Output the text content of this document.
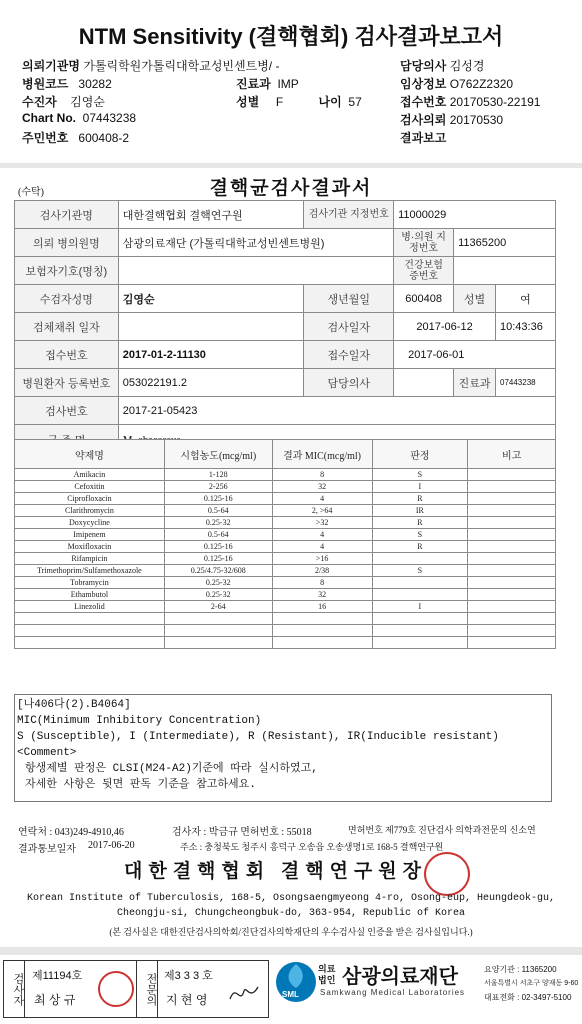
NTM Sensitivity (결핵협회) 검사결과보고서
의뢰기관명 가톨릭학원가톨릭대학교성빈센트병/ -
병원코드 30282
수진자 김영순
Chart No. 07443238
주민번호 600408-2
진료과 IMP
성별 F	나이 57
담당의사 김성경
임상정보 O762Z2320
접수번호 20170530-22191
검사의뢰 20170530
결과보고
(수탁)	결핵균검사결과서
검사기관명	대한결핵협회 결핵연구원	검사기관 지정번호	11000029		
의뢰 병의원명	삼광의료재단 (가톨릭대학교성빈센트병원)		병·의원 지정번호	11365200	
보험자기호(명칭)			건강보험 증번호		
수검자성명	김영순	생년월일	600408	성별	여
검체채취 일자		검사일자	2017-06-12		10:43:36
접수번호	2017-01-2-11130	접수일자	2017-06-01		
병원환자 등록번호	053022191.2	담당의사		진료과	07443238
검사번호	2017-21-05423				

약제명	시험농도(mcg/ml)	결과 MIC(mcg/ml)	판정	비고
Amikacin	1-128	8	S	
Cefoxitin	2-256	32	I	
Ciprofloxacin	0.125-16	4	R	
Clarithromycin	0.5-64	2, >64	IR	
Doxycycline	0.25-32	>32	R	
Imipenem	0.5-64	4	S	
Moxifloxacin	0.125-16	4	R	
Rifampicin	0.125-16	>16		
Trimethoprim/Sulfamethoxazole	0.25/4.75-32/608	2/38	S	
Tobramycin	0.25-32	8		
Ethambutol	0.25-32	32		
Linezolid	2-64	16	I	

[나406다(2).B4064]
MIC(Minimum Inhibitory Concentration)
S (Susceptible), I (Intermediate), R (Resistant), IR(Inducible resistant)
<Comment>
항생제별 판정은 CLSI(M24-A2)기준에 따라 실시하였고,
자세한 사항은 뒷면 판독 기준을 참고하세요.
연락처 : 043)249-4910,46	검사자 : 박금규 면허번호 : 55018	면허번호 제779호 진단검사 의학과전문의 신소연
결과통보일자 2017-06-20	주소 : 충청북도 청주시 흥덕구 오송읍 오송생명1로 168-5 결핵연구원
대한결핵협회 결핵연구원장
Korean Institute of Tuberculosis, 168-5, Osongsaengmyeong 4-ro, Osong-eup, Heungdeok-gu,
Cheongju-si, Chungcheongbuk-do, 363-954, Republic of Korea
(본 검사실은 대한진단검사의학회/진단검사의학재단의 우수검사실 인증을 받은 검사실입니다.)
검사자 제11194호
최 상 규	전문의 제3 3 3 호
지 현 영	SML
의료법인 삼광의료재단
Samkwang Medical Laboratories
요양기관 : 11365200
서울특별시 서초구 양재동 9-60
대표전화 : 02-3497-5100
